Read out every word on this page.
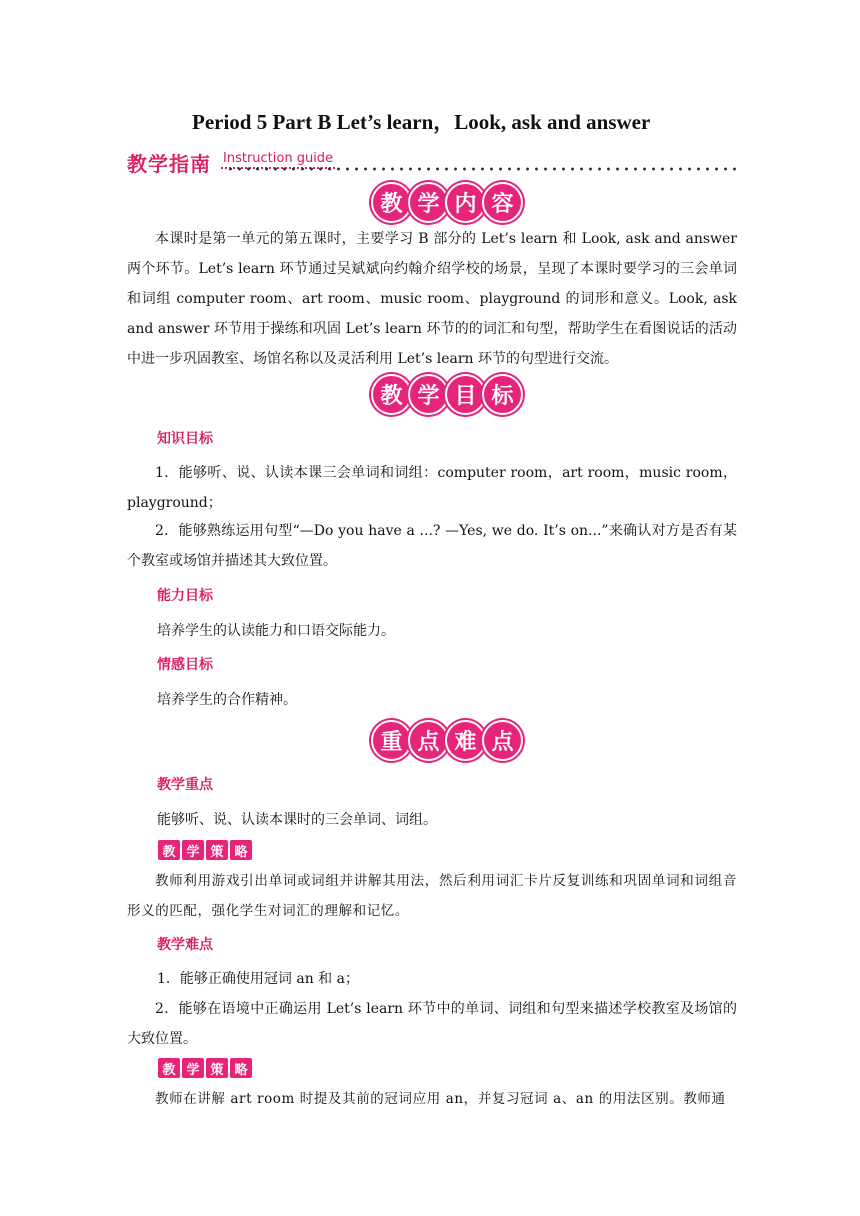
Period 5 Part B Let’s learn，Look, ask and answer
教学指南 Instruction guide
教 学 内 容
本课时是第一单元的第五课时，主要学习 B 部分的 Let’s learn 和 Look, ask and answer 两个环节。Let’s learn 环节通过吴斌斌向约翰介绍学校的场景，呈现了本课时要学习的三会单词和词组 computer room、art room、music room、playground 的词形和意义。Look, ask and answer 环节用于操练和巩固 Let’s learn 环节的的词汇和句型，帮助学生在看图说话的活动中进一步巩固教室、场馆名称以及灵活利用 Let’s learn 环节的句型进行交流。
教 学 目 标
知识目标
1．能够听、说、认读本课三会单词和词组：computer room，art room，music room，playground；
2．能够熟练运用句型“—Do you have a ...? —Yes, we do. It’s on...”来确认对方是否有某个教室或场馆并描述其大致位置。
能力目标
培养学生的认读能力和口语交际能力。
情感目标
培养学生的合作精神。
重 点 难 点
教学重点
能够听、说、认读本课时的三会单词、词组。
教 学 策 略
教师利用游戏引出单词或词组并讲解其用法，然后利用词汇卡片反复训练和巩固单词和词组音形义的匹配，强化学生对词汇的理解和记忆。
教学难点
1．能够正确使用冠词 an 和 a；
2．能够在语境中正确运用 Let’s learn 环节中的单词、词组和句型来描述学校教室及场馆的大致位置。
教 学 策 略
教师在讲解 art room 时提及其前的冠词应用 an，并复习冠词 a、an 的用法区别。教师通
